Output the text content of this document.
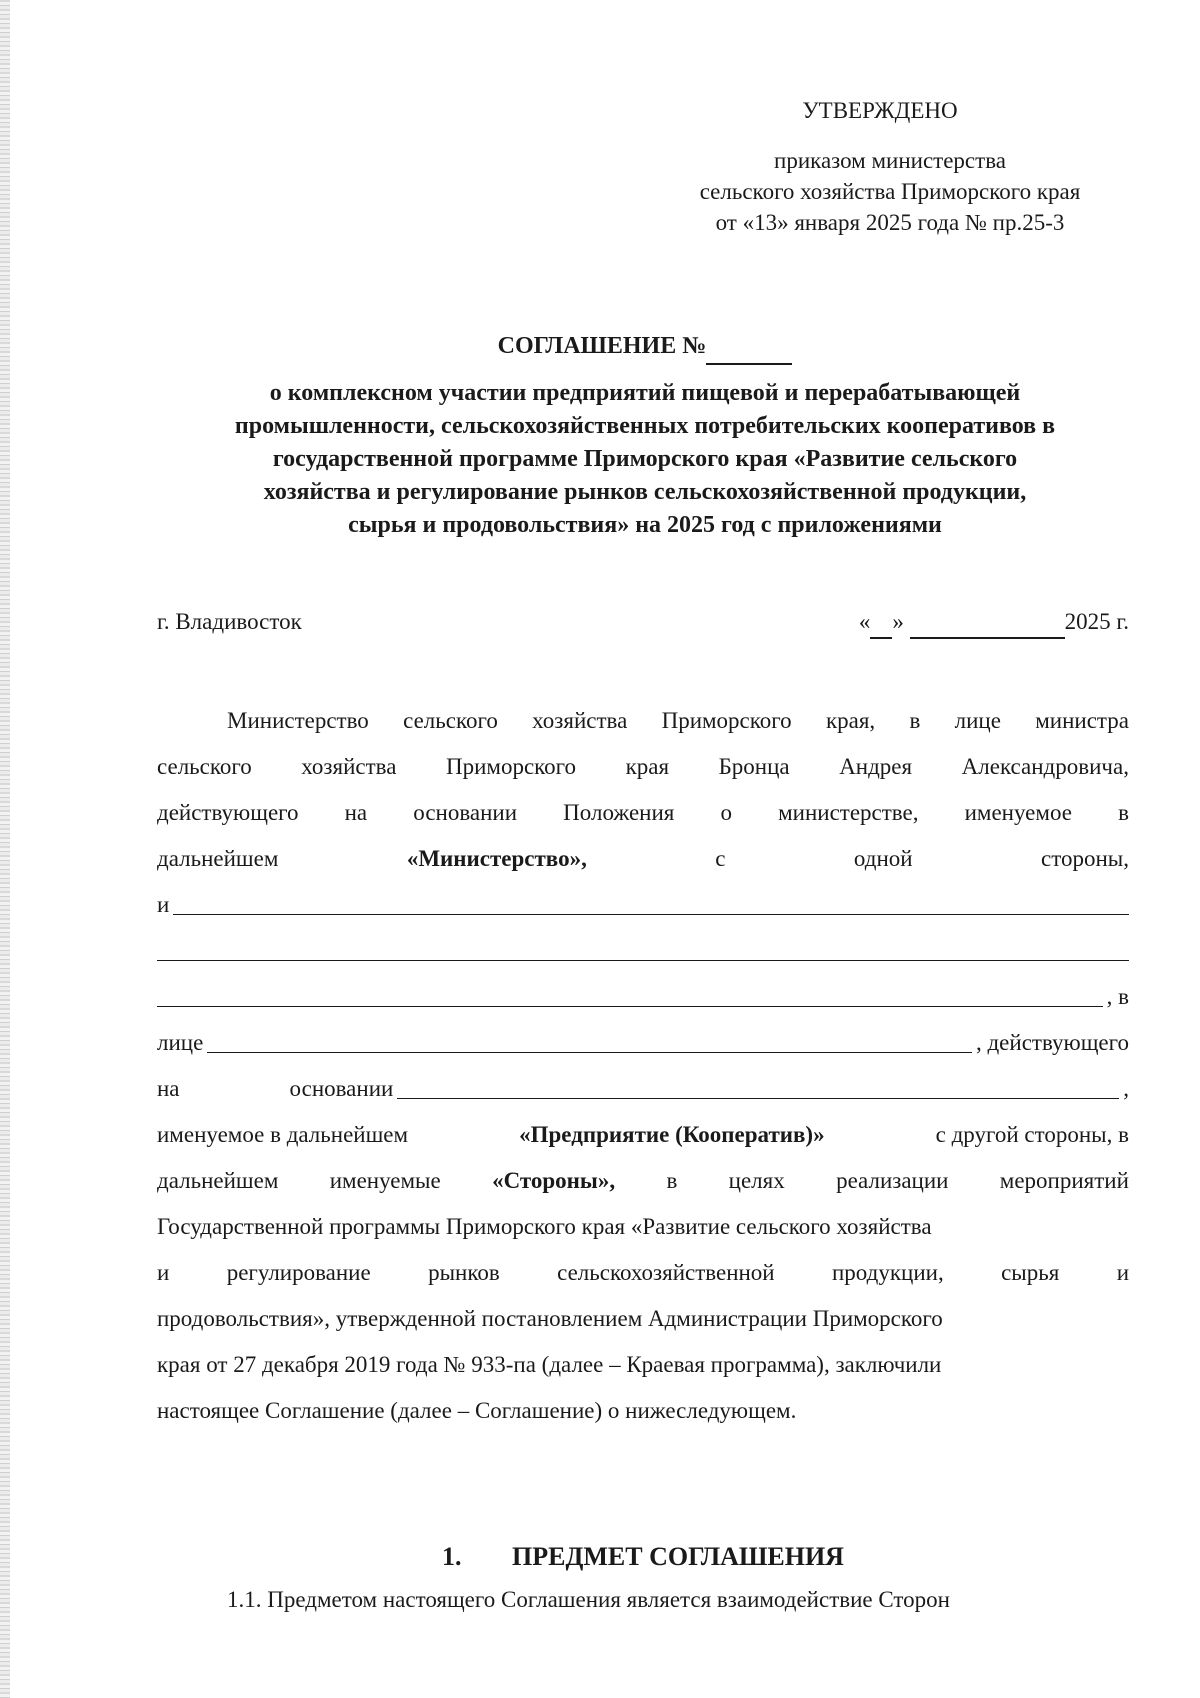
УТВЕРЖДЕНО
приказом министерства
сельского хозяйства Приморского края
от «13» января 2025 года № пр.25-3
СОГЛАШЕНИЕ №
о комплексном участии предприятий пищевой и перерабатывающей
промышленности, сельскохозяйственных потребительских кооперативов в
государственной программе Приморского края «Развитие сельского
хозяйства и регулирование рынков сельскохозяйственной продукции,
сырья и продовольствия» на 2025 год с приложениями
г. Владивосток	« »	2025 г.
Министерство сельского хозяйства Приморского края, в лице министра
сельского хозяйства Приморского края Бронца Андрея Александровича,
действующего на основании Положения о министерстве, именуемое в
дальнейшем	«Министерство»,	с	одной	стороны,
и
, в
лице	, действующего
на	основании	,
именуемое в дальнейшем	«Предприятие (Кооператив)»	с другой стороны, в
дальнейшем именуемые «Стороны», в целях реализации мероприятий
Государственной программы Приморского края «Развитие сельского хозяйства
и регулирование рынков сельскохозяйственной продукции, сырья и
продовольствия», утвержденной постановлением Администрации Приморского
края от 27 декабря 2019 года № 933-па (далее – Краевая программа), заключили
настоящее Соглашение (далее – Соглашение) о нижеследующем.
1. ПРЕДМЕТ СОГЛАШЕНИЯ
1.1. Предметом настоящего Соглашения является взаимодействие Сторон
